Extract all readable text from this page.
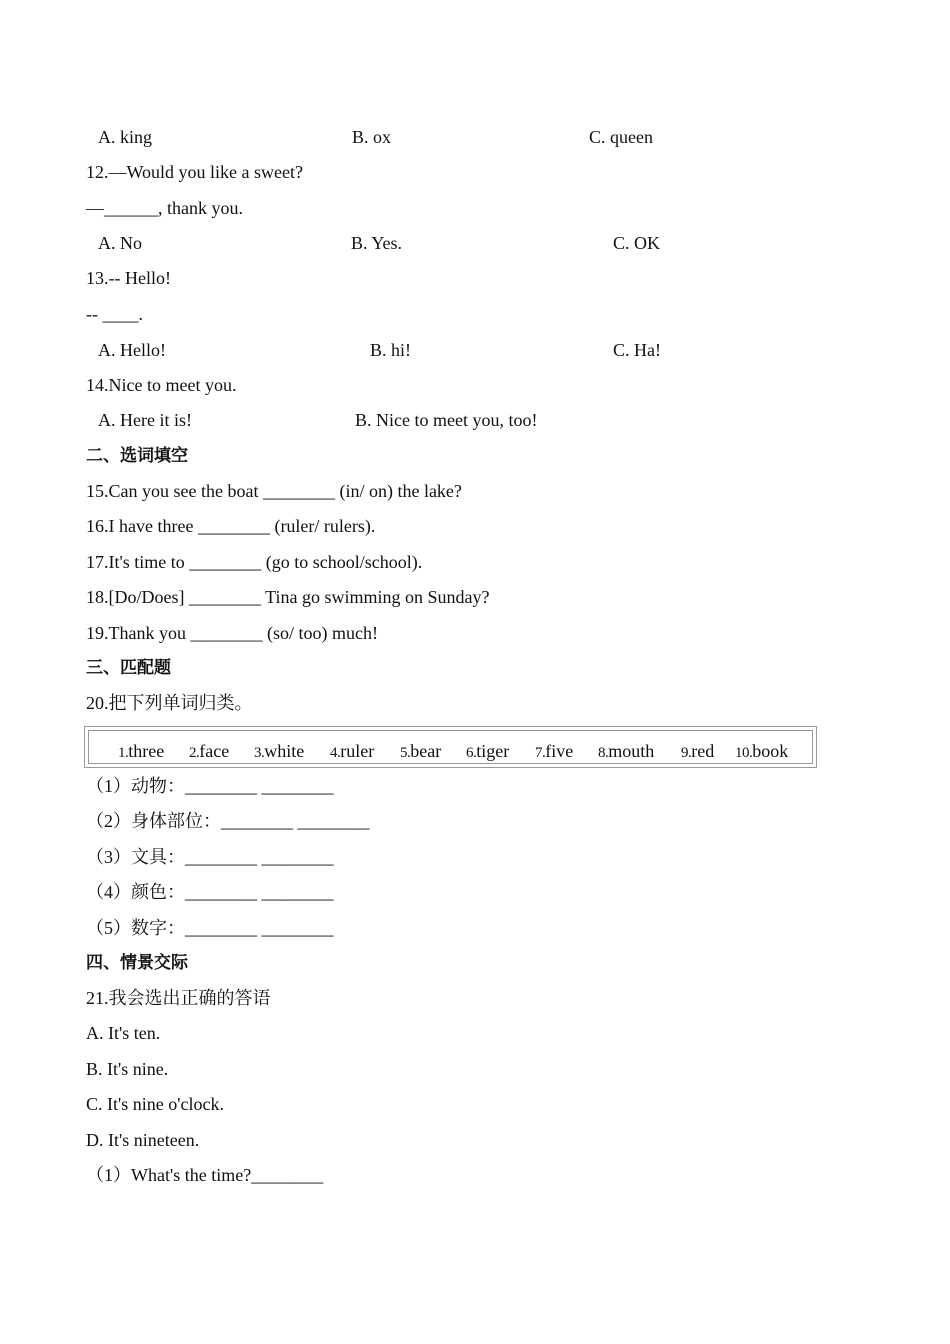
A. king	B. ox	C. queen
12.—Would you like a sweet?
—______, thank you.
A. No	B. Yes.	C. OK
13.-- Hello!
-- ____.
A. Hello!	B. hi!	C. Ha!
14.Nice to meet you.
A. Here it is!	B. Nice to meet you, too!
二、选词填空
15.Can you see the boat ________ (in/ on) the lake?
16.I have three ________ (ruler/ rulers).
17.It's time to ________ (go to school/school).
18.[Do/Does] ________ Tina go swimming on Sunday?
19.Thank you ________ (so/ too) much!
三、匹配题
20.把下列单词归类。
1.three 2.face 3.white 4.ruler 5.bear 6.tiger 7.five 8.mouth 9.red 10.book
（1）动物：________ ________
（2）身体部位：________ ________
（3）文具：________ ________
（4）颜色：________ ________
（5）数字：________ ________
四、情景交际
21.我会选出正确的答语
A. It's ten.
B. It's nine.
C. It's nine o'clock.
D. It's nineteen.
（1）What's the time?________
